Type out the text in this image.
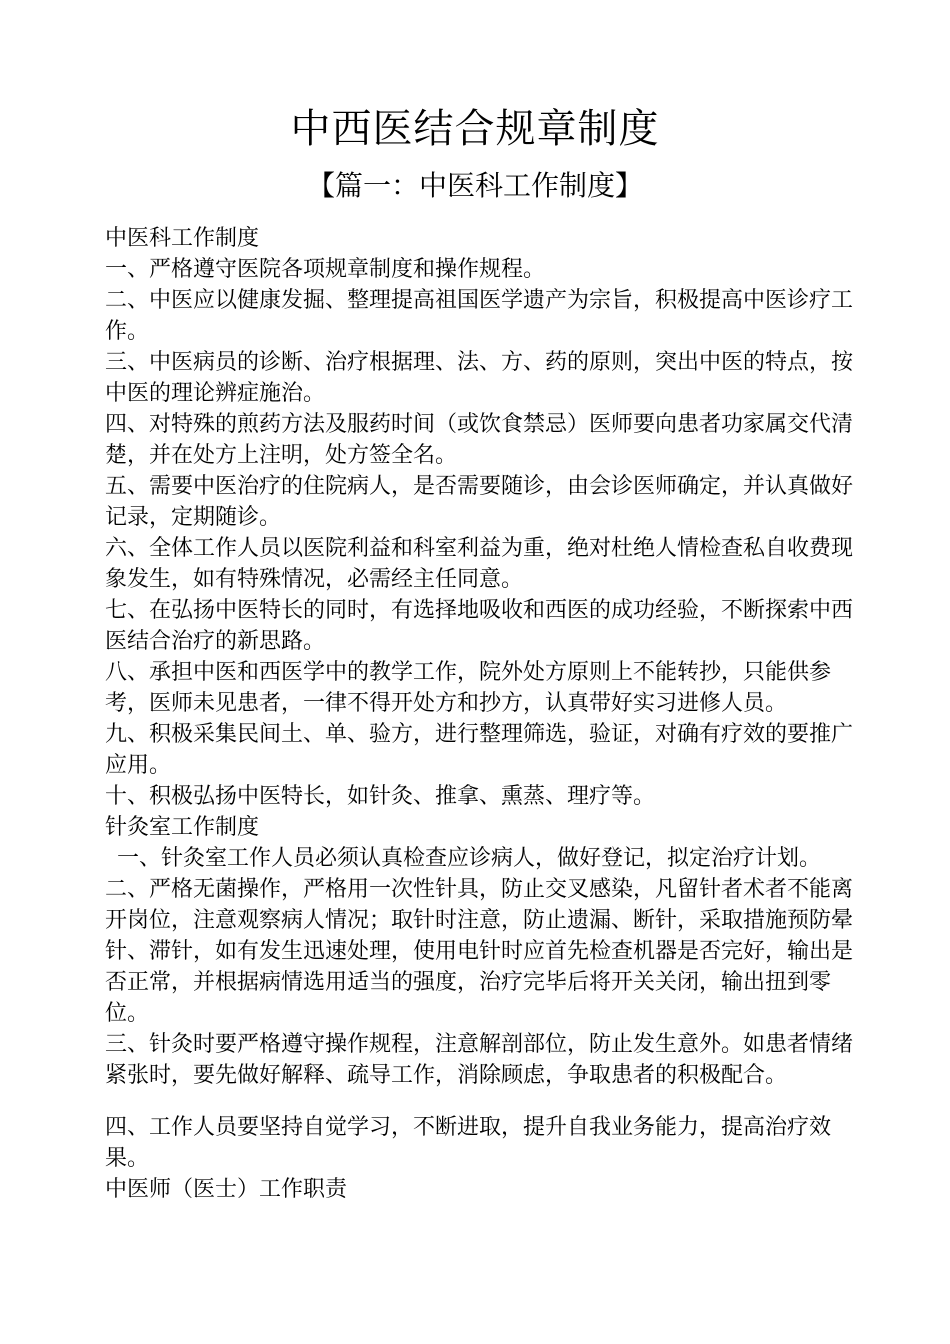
中西医结合规章制度
【篇一：中医科工作制度】

中医科工作制度

一、严格遵守医院各项规章制度和操作规程。

二、中医应以健康发掘、整理提高祖国医学遗产为宗旨，积极提高中医诊疗工作。

三、中医病员的诊断、治疗根据理、法、方、药的原则，突出中医的特点，按中医的理论辨症施治。

四、对特殊的煎药方法及服药时间（或饮食禁忌）医师要向患者功家属交代清楚，并在处方上注明，处方签全名。

五、需要中医治疗的住院病人，是否需要随诊，由会诊医师确定，并认真做好记录，定期随诊。

六、全体工作人员以医院利益和科室利益为重，绝对杜绝人情检查私自收费现象发生，如有特殊情况，必需经主任同意。

七、在弘扬中医特长的同时，有选择地吸收和西医的成功经验，不断探索中西医结合治疗的新思路。

八、承担中医和西医学中的教学工作，院外处方原则上不能转抄，只能供参考，医师未见患者，一律不得开处方和抄方，认真带好实习进修人员。

九、积极采集民间土、单、验方，进行整理筛选，验证，对确有疗效的要推广应用。

十、积极弘扬中医特长，如针灸、推拿、熏蒸、理疗等。

针灸室工作制度

一、针灸室工作人员必须认真检查应诊病人，做好登记，拟定治疗计划。

二、严格无菌操作，严格用一次性针具，防止交叉感染，凡留针者术者不能离开岗位，注意观察病人情况；取针时注意，防止遗漏、断针，采取措施预防晕针、滞针，如有发生迅速处理，使用电针时应首先检查机器是否完好，输出是否正常，并根据病情选用适当的强度，治疗完毕后将开关关闭，输出扭到零位。

三、针灸时要严格遵守操作规程，注意解剖部位，防止发生意外。如患者情绪紧张时，要先做好解释、疏导工作，消除顾虑，争取患者的积极配合。

四、工作人员要坚持自觉学习，不断进取，提升自我业务能力，提高治疗效果。

中医师（医士）工作职责
